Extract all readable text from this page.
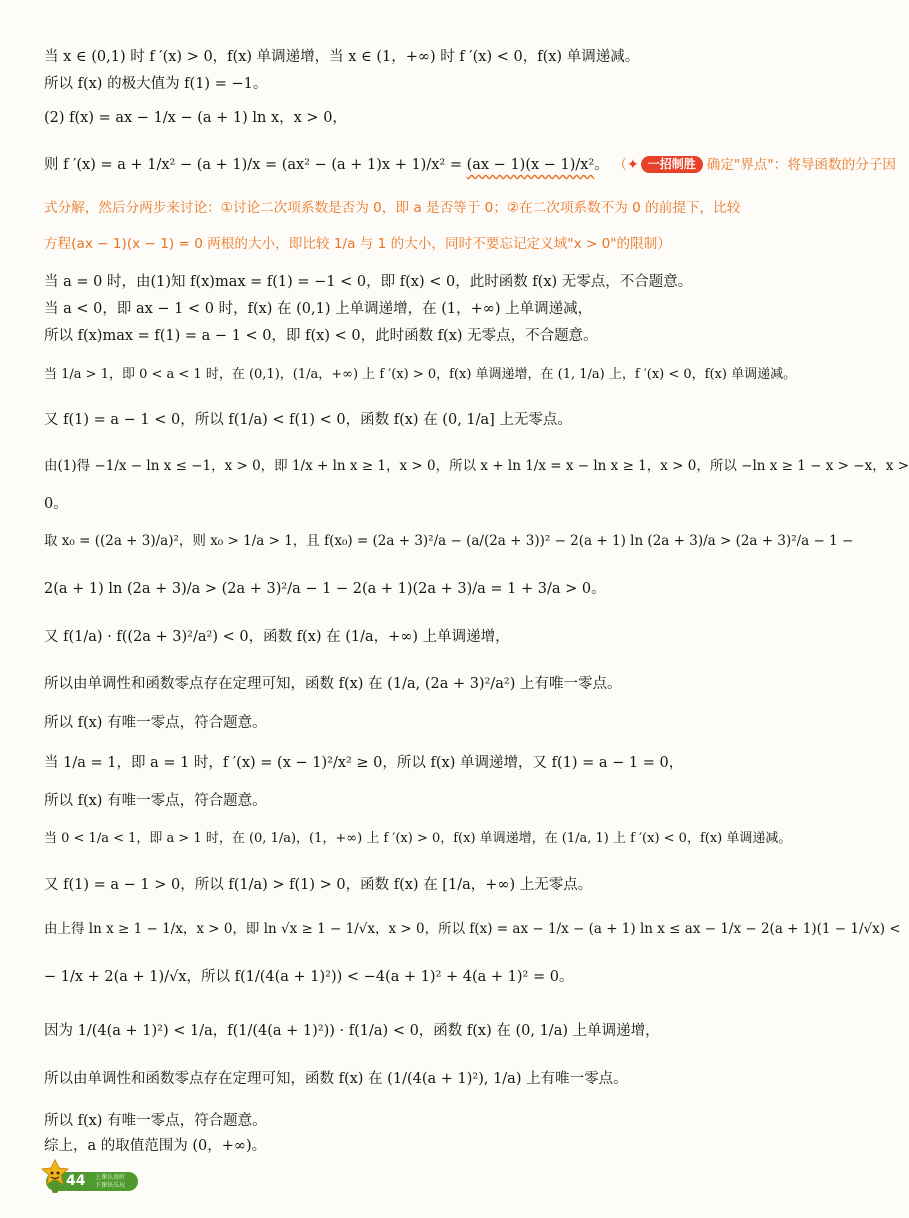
当 x ∈ (0,1) 时 f ′(x) > 0，f(x) 单调递增，当 x ∈ (1，+∞) 时 f ′(x) < 0，f(x) 单调递减。
所以 f(x) 的极大值为 f(1) = −1。
(2) f(x) = ax − 1/x − (a + 1) ln x，x > 0，
则 f ′(x) = a + 1/x² − (a + 1)/x = (ax² − (a + 1)x + 1)/x² = (ax − 1)(x − 1)/x²。 （✦ 一招制胜 确定"界点"：将导函数的分子因
式分解，然后分两步来讨论：①讨论二次项系数是否为 0，即 a 是否等于 0；②在二次项系数不为 0 的前提下，比较
方程(ax − 1)(x − 1) = 0 两根的大小，即比较 1/a 与 1 的大小，同时不要忘记定义域"x > 0"的限制）
当 a = 0 时，由(1)知 f(x)max = f(1) = −1 < 0，即 f(x) < 0，此时函数 f(x) 无零点，不合题意。
当 a < 0，即 ax − 1 < 0 时，f(x) 在 (0,1) 上单调递增，在 (1，+∞) 上单调递减，
所以 f(x)max = f(1) = a − 1 < 0，即 f(x) < 0，此时函数 f(x) 无零点，不合题意。
当 1/a > 1，即 0 < a < 1 时，在 (0,1)，(1/a，+∞) 上 f ′(x) > 0，f(x) 单调递增，在 (1, 1/a) 上，f ′(x) < 0，f(x) 单调递减。
又 f(1) = a − 1 < 0，所以 f(1/a) < f(1) < 0，函数 f(x) 在 (0, 1/a] 上无零点。
由(1)得 −1/x − ln x ≤ −1，x > 0，即 1/x + ln x ≥ 1，x > 0，所以 x + ln 1/x = x − ln x ≥ 1，x > 0，所以 −ln x ≥ 1 − x > −x，x >
0。
取 x₀ = ((2a + 3)/a)²，则 x₀ > 1/a > 1，且 f(x₀) = (2a + 3)²/a − (a/(2a + 3))² − 2(a + 1) ln (2a + 3)/a > (2a + 3)²/a − 1 −
2(a + 1) ln (2a + 3)/a > (2a + 3)²/a − 1 − 2(a + 1)(2a + 3)/a = 1 + 3/a > 0。
又 f(1/a) · f((2a + 3)²/a²) < 0，函数 f(x) 在 (1/a，+∞) 上单调递增，
所以由单调性和函数零点存在定理可知，函数 f(x) 在 (1/a, (2a + 3)²/a²) 上有唯一零点。
所以 f(x) 有唯一零点，符合题意。
当 1/a = 1，即 a = 1 时，f ′(x) = (x − 1)²/x² ≥ 0，所以 f(x) 单调递增，又 f(1) = a − 1 = 0，
所以 f(x) 有唯一零点，符合题意。
当 0 < 1/a < 1，即 a > 1 时，在 (0, 1/a)，(1，+∞) 上 f ′(x) > 0，f(x) 单调递增，在 (1/a, 1) 上 f ′(x) < 0，f(x) 单调递减。
又 f(1) = a − 1 > 0，所以 f(1/a) > f(1) > 0，函数 f(x) 在 [1/a，+∞) 上无零点。
由上得 ln x ≥ 1 − 1/x，x > 0，即 ln √x ≥ 1 − 1/√x，x > 0，所以 f(x) = ax − 1/x − (a + 1) ln x ≤ ax − 1/x − 2(a + 1)(1 − 1/√x) <
− 1/x + 2(a + 1)/√x，所以 f(1/(4(a + 1)²)) < −4(a + 1)² + 4(a + 1)² = 0。
因为 1/(4(a + 1)²) < 1/a，f(1/(4(a + 1)²)) · f(1/a) < 0，函数 f(x) 在 (0, 1/a) 上单调递增，
所以由单调性和函数零点存在定理可知，函数 f(x) 在 (1/(4(a + 1)²), 1/a) 上有唯一零点。
所以 f(x) 有唯一零点，符合题意。
综上，a 的取值范围为 (0，+∞)。
44 上课认真听
下课快乐玩
